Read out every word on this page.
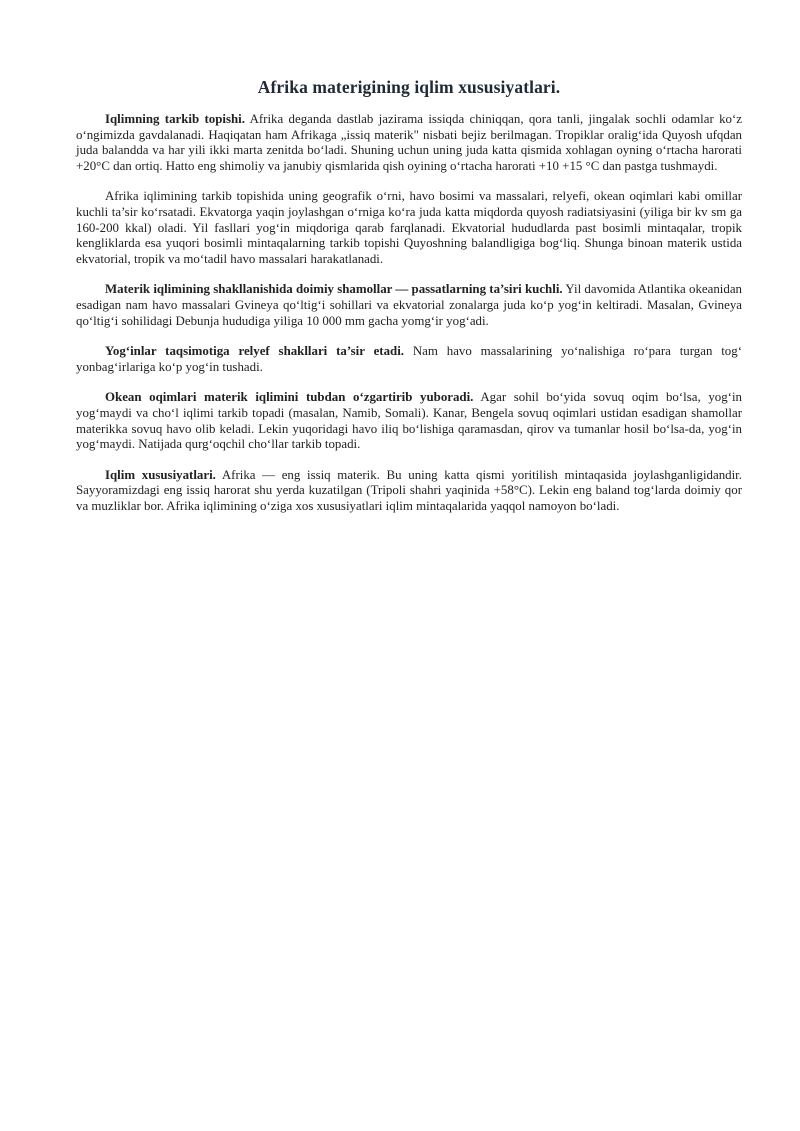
Afrika materigining iqlim xususiyatlari.

Iqlimning tarkib topishi. Afrika deganda dastlab jazirama issiqda chiniqqan, qora tanli, jingalak sochli odamlar ko‘z o‘ngimizda gavdalanadi. Haqiqatan ham Afrikaga „issiq materik" nisbati bejiz berilmagan. Tropiklar oralig‘ida Quyosh ufqdan juda balandda va har yili ikki marta zenitda bo‘ladi. Shuning uchun uning juda katta qismida xohlagan oyning o‘rtacha harorati +20°C dan ortiq. Hatto eng shimoliy va janubiy qismlarida qish oyining o‘rtacha harorati +10 +15 °C dan pastga tushmaydi.

Afrika iqlimining tarkib topishida uning geografik o‘rni, havo bosimi va massalari, relyefi, okean oqimlari kabi omillar kuchli ta’sir ko‘rsatadi. Ekvatorga yaqin joylashgan o‘rniga ko‘ra juda katta miqdorda quyosh radiatsiyasini (yiliga bir kv sm ga 160-200 kkal) oladi. Yil fasllari yog‘in miqdoriga qarab farqlanadi. Ekvatorial hududlarda past bosimli mintaqalar, tropik kengliklarda esa yuqori bosimli mintaqalarning tarkib topishi Quyoshning balandligiga bog‘liq. Shunga binoan materik ustida ekvatorial, tropik va mo‘tadil havo massalari harakatlanadi.

Materik iqlimining shakllanishida doimiy shamollar — passatlarning ta’siri kuchli. Yil davomida Atlantika okeanidan esadigan nam havo massalari Gvineya qo‘ltig‘i sohillari va ekvatorial zonalarga juda ko‘p yog‘in keltiradi. Masalan, Gvineya qo‘ltig‘i sohilidagi Debunja hududiga yiliga 10 000 mm gacha yomg‘ir yog‘adi.

Yog‘inlar taqsimotiga relyef shakllari ta’sir etadi. Nam havo massalarining yo‘nalishiga ro‘para turgan tog‘ yonbag‘irlariga ko‘p yog‘in tushadi.

Okean oqimlari materik iqlimini tubdan o‘zgartirib yuboradi. Agar sohil bo‘yida sovuq oqim bo‘lsa, yog‘in yog‘maydi va cho‘l iqlimi tarkib topadi (masalan, Namib, Somali). Kanar, Bengela sovuq oqimlari ustidan esadigan shamollar materikka sovuq havo olib keladi. Lekin yuqoridagi havo iliq bo‘lishiga qaramasdan, qirov va tumanlar hosil bo‘lsa-da, yog‘in yog‘maydi. Natijada qurg‘oqchil cho‘llar tarkib topadi.

Iqlim xususiyatlari. Afrika — eng issiq materik. Bu uning katta qismi yoritilish mintaqasida joylashganligidandir. Sayyoramizdagi eng issiq harorat shu yerda kuzatilgan (Tripoli shahri yaqinida +58°C). Lekin eng baland tog‘larda doimiy qor va muzliklar bor. Afrika iqlimining o‘ziga xos xususiyatlari iqlim mintaqalarida yaqqol namoyon bo‘ladi.
